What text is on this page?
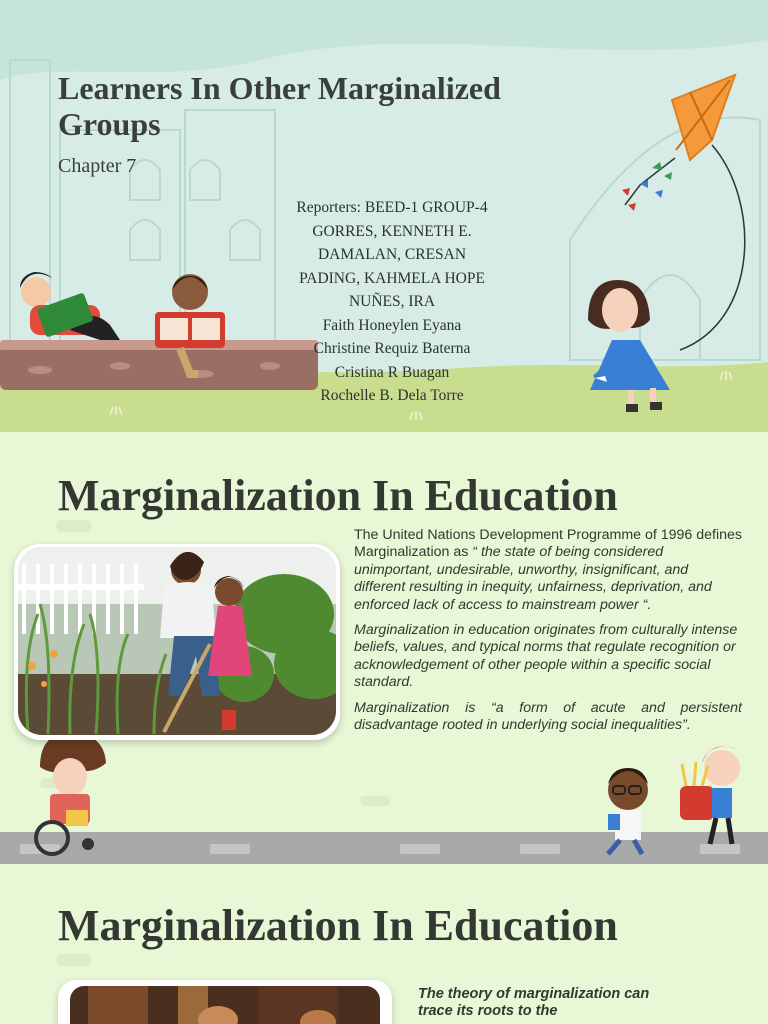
Learners In Other Marginalized Groups
Chapter 7
Reporters: BEED-1 GROUP-4
GORRES, KENNETH E.
DAMALAN, CRESAN
PADING, KAHMELA HOPE
NUÑES, IRA
Faith Honeylen Eyana
Christine Requiz Baterna
Cristina R Buagan
Rochelle B. Dela Torre
Marginalization In Education

The United Nations Development Programme of 1996 defines Marginalization as “ the state of being considered unimportant, undesirable, unworthy, insignificant, and different resulting in inequity, unfairness, deprivation, and enforced lack of access to mainstream power “.

Marginalization in education originates from culturally intense beliefs, values, and typical norms that regulate recognition or acknowledgement of other people within a specific social standard.

Marginalization is “a form of acute and persistent disadvantage rooted in underlying social inequalities”.

Marginalization In Education
The theory of marginalization can trace its roots to the
